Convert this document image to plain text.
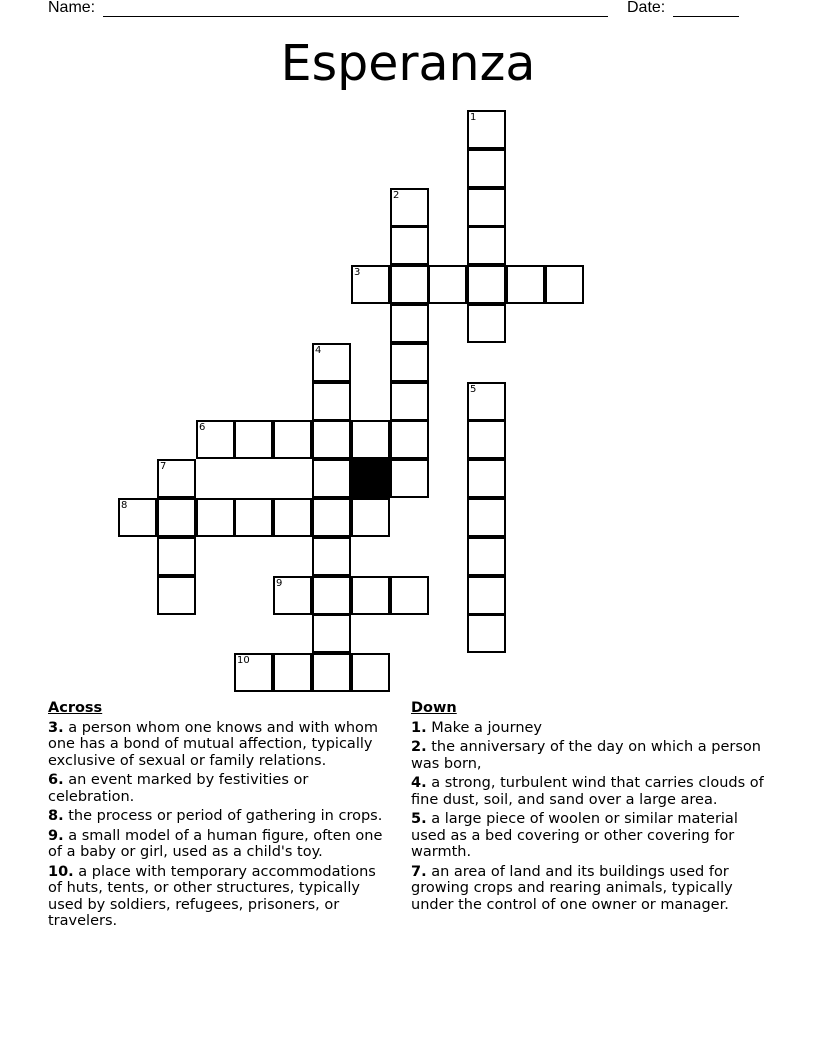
Name:	Date:
Esperanza
1
2
3
4
5
6
7
8
9
10
Across
3. a person whom one knows and with whom one has a bond of mutual affection, typically exclusive of sexual or family relations.
6. an event marked by festivities or celebration.
8. the process or period of gathering in crops.
9. a small model of a human figure, often one of a baby or girl, used as a child's toy.
10. a place with temporary accommodations of huts, tents, or other structures, typically used by soldiers, refugees, prisoners, or travelers.
Down
1. Make a journey
2. the anniversary of the day on which a person was born,
4. a strong, turbulent wind that carries clouds of fine dust, soil, and sand over a large area.
5. a large piece of woolen or similar material used as a bed covering or other covering for warmth.
7. an area of land and its buildings used for growing crops and rearing animals, typically under the control of one owner or manager.
